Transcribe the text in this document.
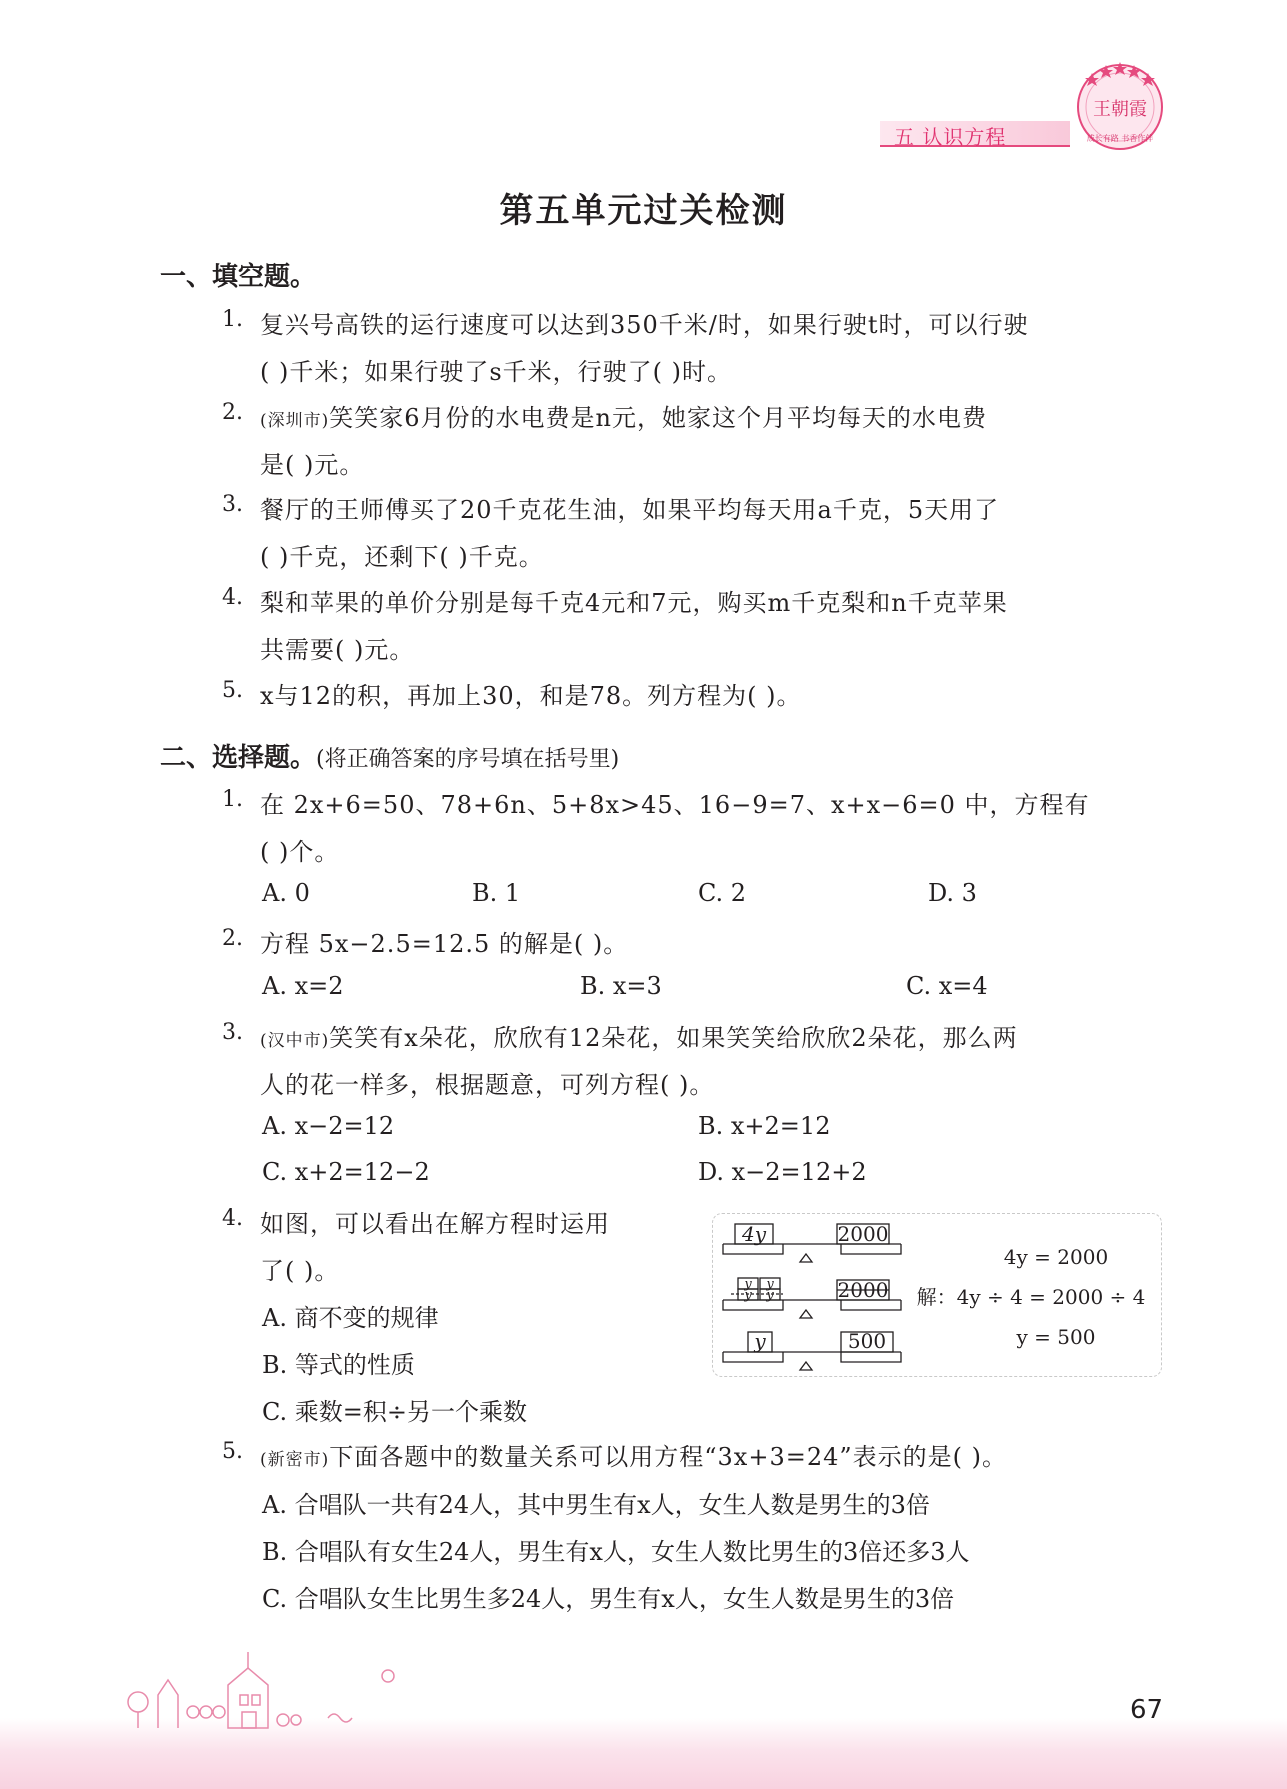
王朝霞
成长有路 书香作伴
五 认识方程
第五单元过关检测
一、填空题。
1. 复兴号高铁的运行速度可以达到350千米/时，如果行驶t时，可以行驶
( )千米；如果行驶了s千米，行驶了( )时。
2. (深圳市)笑笑家6月份的水电费是n元，她家这个月平均每天的水电费
是( )元。
3. 餐厅的王师傅买了20千克花生油，如果平均每天用a千克，5天用了
( )千克，还剩下( )千克。
4. 梨和苹果的单价分别是每千克4元和7元，购买m千克梨和n千克苹果
共需要( )元。
5. x与12的积，再加上30，和是78。列方程为( )。
二、选择题。(将正确答案的序号填在括号里)
1. 在 2x+6=50、78+6n、5+8x>45、16−9=7、x+x−6=0 中，方程有
( )个。
A. 0	B. 1	C. 2	D. 3
2. 方程 5x−2.5=12.5 的解是( )。
A. x=2	B. x=3	C. x=4
3. (汉中市)笑笑有x朵花，欣欣有12朵花，如果笑笑给欣欣2朵花，那么两
人的花一样多，根据题意，可列方程( )。
A. x−2=12	B. x+2=12
C. x+2=12−2	D. x−2=12+2
4. 如图，可以看出在解方程时运用
了( )。
A. 商不变的规律
B. 等式的性质
C. 乘数=积÷另一个乘数
4y	2000
y y
y y	2000
y	500
4y = 2000
解：4y ÷ 4 = 2000 ÷ 4
y = 500
5. (新密市)下面各题中的数量关系可以用方程“3x+3=24”表示的是( )。
A. 合唱队一共有24人，其中男生有x人，女生人数是男生的3倍
B. 合唱队有女生24人，男生有x人，女生人数比男生的3倍还多3人
C. 合唱队女生比男生多24人，男生有x人，女生人数是男生的3倍
67
